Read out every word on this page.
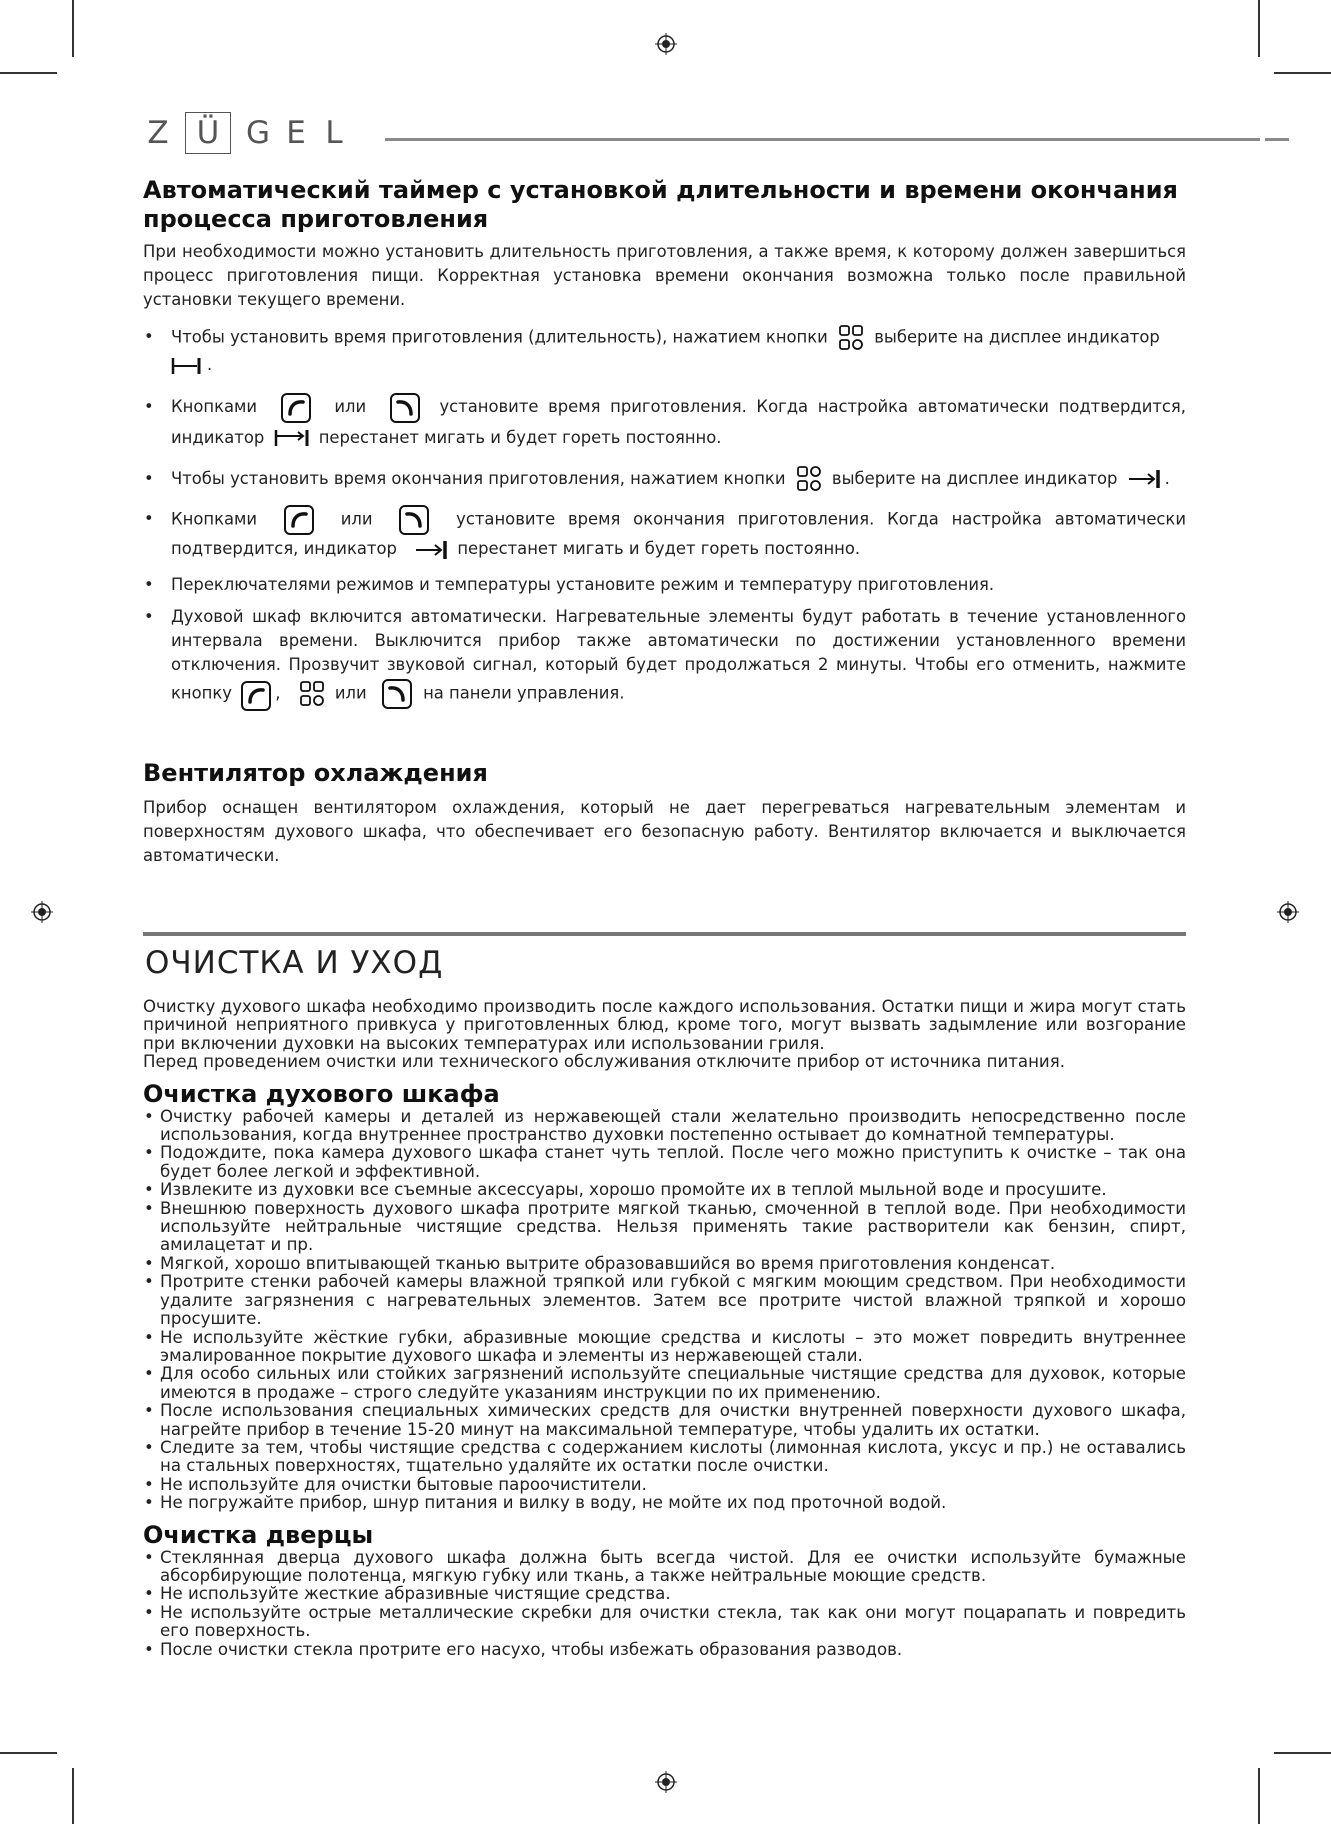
Z Ü G E L
Автоматический таймер с установкой длительности и времени окончания процесса приготовления

При необходимости можно установить длительность приготовления, а также время, к которому должен завершиться процесс приготовления пищи. Корректная установка времени окончания возможна только после правильной установки текущего времени.

• Чтобы установить время приготовления (длительность), нажатием кнопки	выберите на дисплее индикатор
.
• Кнопками	или	установите время приготовления. Когда настройка автоматически подтвердится, индикатор	перестанет мигать и будет гореть постоянно.
• Чтобы установить время окончания приготовления, нажатием кнопки	выберите на дисплее индикатор	.
• Кнопками	или	установите время окончания приготовления. Когда настройка автоматически подтвердится, индикатор	перестанет мигать и будет гореть постоянно.
• Переключателями режимов и температуры установите режим и температуру приготовления.
• Духовой шкаф включится автоматически. Нагревательные элементы будут работать в течение установленного интервала времени. Выключится прибор также автоматически по достижении установленного времени отключения. Прозвучит звуковой сигнал, который будет продолжаться 2 минуты. Чтобы его отменить, нажмите кнопку	,	или	на панели управления.
Вентилятор охлаждения

Прибор оснащен вентилятором охлаждения, который не дает перегреваться нагревательным элементам и поверхностям духового шкафа, что обеспечивает его безопасную работу. Вентилятор включается и выключается автоматически.

ОЧИСТКА И УХОД

Очистку духового шкафа необходимо производить после каждого использования. Остатки пищи и жира могут стать причиной неприятного привкуса у приготовленных блюд, кроме того, могут вызвать задымление или возгорание при включении духовки на высоких температурах или использовании гриля.

Перед проведением очистки или технического обслуживания отключите прибор от источника питания.

Очистка духового шкафа
• Очистку рабочей камеры и деталей из нержавеющей стали желательно производить непосредственно после использования, когда внутреннее пространство духовки постепенно остывает до комнатной температуры.
• Подождите, пока камера духового шкафа станет чуть теплой. После чего можно приступить к очистке – так она будет более легкой и эффективной.
• Извлеките из духовки все съемные аксессуары, хорошо промойте их в теплой мыльной воде и просушите.
• Внешнюю поверхность духового шкафа протрите мягкой тканью, смоченной в теплой воде. При необходимости используйте нейтральные чистящие средства. Нельзя применять такие растворители как бензин, спирт, амилацетат и пр.
• Мягкой, хорошо впитывающей тканью вытрите образовавшийся во время приготовления конденсат.
• Протрите стенки рабочей камеры влажной тряпкой или губкой с мягким моющим средством. При необходимости удалите загрязнения с нагревательных элементов. Затем все протрите чистой влажной тряпкой и хорошо просушите.
• Не используйте жёсткие губки, абразивные моющие средства и кислоты – это может повредить внутреннее эмалированное покрытие духового шкафа и элементы из нержавеющей стали.
• Для особо сильных или стойких загрязнений используйте специальные чистящие средства для духовок, которые имеются в продаже – строго следуйте указаниям инструкции по их применению.
• После использования специальных химических средств для очистки внутренней поверхности духового шкафа, нагрейте прибор в течение 15-20 минут на максимальной температуре, чтобы удалить их остатки.
• Следите за тем, чтобы чистящие средства с содержанием кислоты (лимонная кислота, уксус и пр.) не оставались на стальных поверхностях, тщательно удаляйте их остатки после очистки.
• Не используйте для очистки бытовые пароочистители.
• Не погружайте прибор, шнур питания и вилку в воду, не мойте их под проточной водой.
Очистка дверцы
• Стеклянная дверца духового шкафа должна быть всегда чистой. Для ее очистки используйте бумажные абсорбирующие полотенца, мягкую губку или ткань, а также нейтральные моющие средств.
• Не используйте жесткие абразивные чистящие средства.
• Не используйте острые металлические скребки для очистки стекла, так как они могут поцарапать и повредить его поверхность.
• После очистки стекла протрите его насухо, чтобы избежать образования разводов.
